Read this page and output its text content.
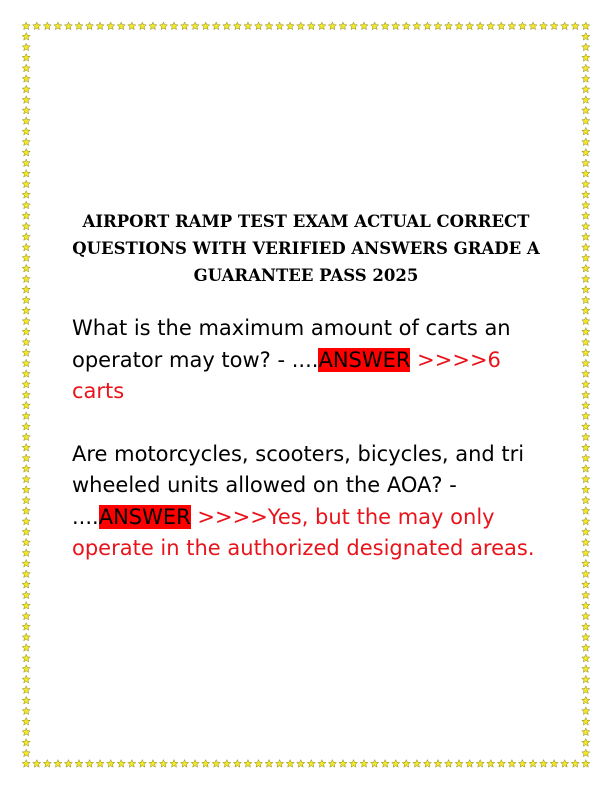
AIRPORT RAMP TEST EXAM ACTUAL CORRECT QUESTIONS WITH VERIFIED ANSWERS GRADE A GUARANTEE PASS 2025

What is the maximum amount of carts an operator may tow? - ....ANSWER >>>>6 carts

Are motorcycles, scooters, bicycles, and tri wheeled units allowed on the AOA? - ....ANSWER >>>>Yes, but the may only operate in the authorized designated areas.
